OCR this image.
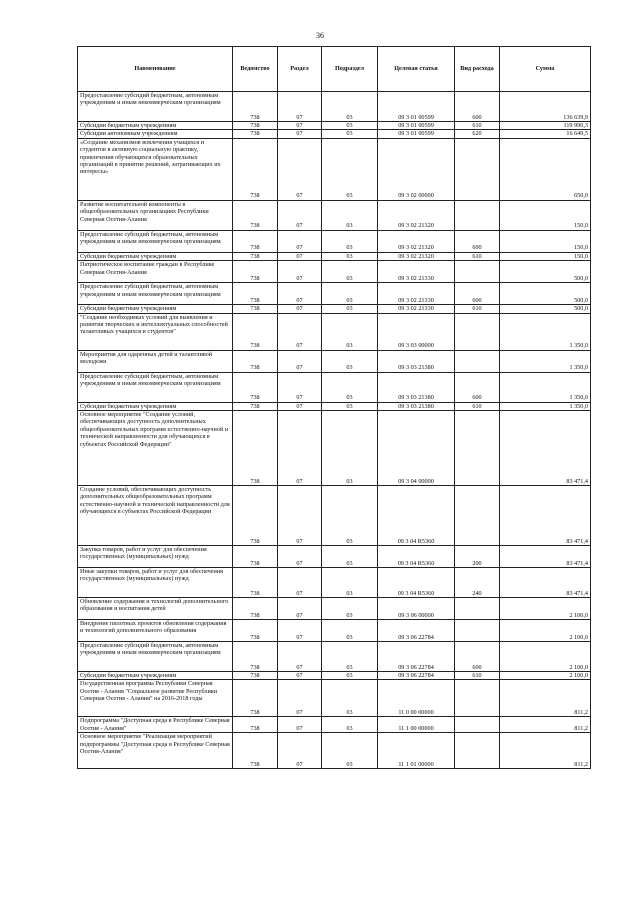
36
Наименование	Ведомство	Раздел	Подраздел	Целевая статья	Вид расхода	Сумма
Предоставление субсидий бюджетным, автономным учреждениям и иным некоммерческим организациям	738	07	03	09 3 01 00599	600	136 639,9
Субсидии бюджетным учреждениям	738	07	03	09 3 01 00599	610	119 990,3
Субсидии автономным учреждениям	738	07	03	09 3 01 00599	620	16 649,5
«Создание механизмов вовлечения учащихся и студентов в активную социальную практику, привлечения обучающихся образовательных организаций в принятие решений, затрагивающих их интересы»	738	07	03	09 3 02 00000		650,0
Развитие воспитательной компоненты в общеобразовательных организациях Республики Северная Осетия-Алания	738	07	03	09 3 02 21320		150,0
Предоставление субсидий бюджетным, автономным учреждениям и иным некоммерческим организациям	738	07	03	09 3 02 21320	600	150,0
Субсидии бюджетным учреждениям	738	07	03	09 3 02 21320	610	150,0
Патриотическое воспитание граждан в Республике Северная Осетия-Алания	738	07	03	09 3 02 21330		500,0
Предоставление субсидий бюджетным, автономным учреждениям и иным некоммерческим организациям	738	07	03	09 3 02 21330	600	500,0
Субсидии бюджетным учреждениям	738	07	03	09 3 02 21330	610	500,0
"Создание необходимых условий для выявления и развития творческих и интеллектуальных способностей талантливых учащихся и студентов"	738	07	03	09 3 03 00000		1 350,0
Мероприятия для одаренных детей и талантливой молодежи	738	07	03	09 3 03 21380		1 350,0
Предоставление субсидий бюджетным, автономным учреждениям и иным некоммерческим организациям	738	07	03	09 3 03 21380	600	1 350,0
Субсидии бюджетным учреждениям	738	07	03	09 3 03 21380	610	1 350,0
Основное мероприятие "Создание условий, обеспечивающих доступность дополнительных общеобразовательных программ естественно-научной и технической направленности для обучающихся в субъектах Российской Федерации"	738	07	03	09 3 04 00000		83 471,4
Создание условий, обеспечивающих доступность дополнительных общеобразовательных программ естественно-научной и технической направленности для обучающихся в субъектах Российской Федерации	738	07	03	09 3 04 R5360		83 471,4
Закупка товаров, работ и услуг для обеспечения государственных (муниципальных) нужд	738	07	03	09 3 04 R5360	200	83 471,4
Иные закупки товаров, работ и услуг для обеспечения государственных (муниципальных) нужд	738	07	03	09 3 04 R5360	240	83 471,4
Обновление содержания и технологий дополнительного образования и воспитания детей	738	07	03	09 3 06 00000		2 100,0
Внедрение пилотных проектов обновления содержания и технологий дополнительного образования	738	07	03	09 3 06 22784		2 100,0
Предоставление субсидий бюджетным, автономным учреждениям и иным некоммерческим организациям	738	07	03	09 3 06 22784	600	2 100,0
Субсидии бюджетным учреждениям	738	07	03	09 3 06 22784	610	2 100,0
Государственная программа Республики Северная Осетия - Алания "Социальное развитие Республики Северная Осетия - Алания" на 2016-2018 годы	738	07	03	11 0 00 00000		811,2
Подпрограмма "Доступная среда в Республике Северная Осетия - Алания"	738	07	03	11 1 00 00000		811,2
Основное мероприятие "Реализация мероприятий подпрограммы "Доступная среда в Республике Северная Осетия-Алания"	738	07	03	11 1 01 00000		811,2
